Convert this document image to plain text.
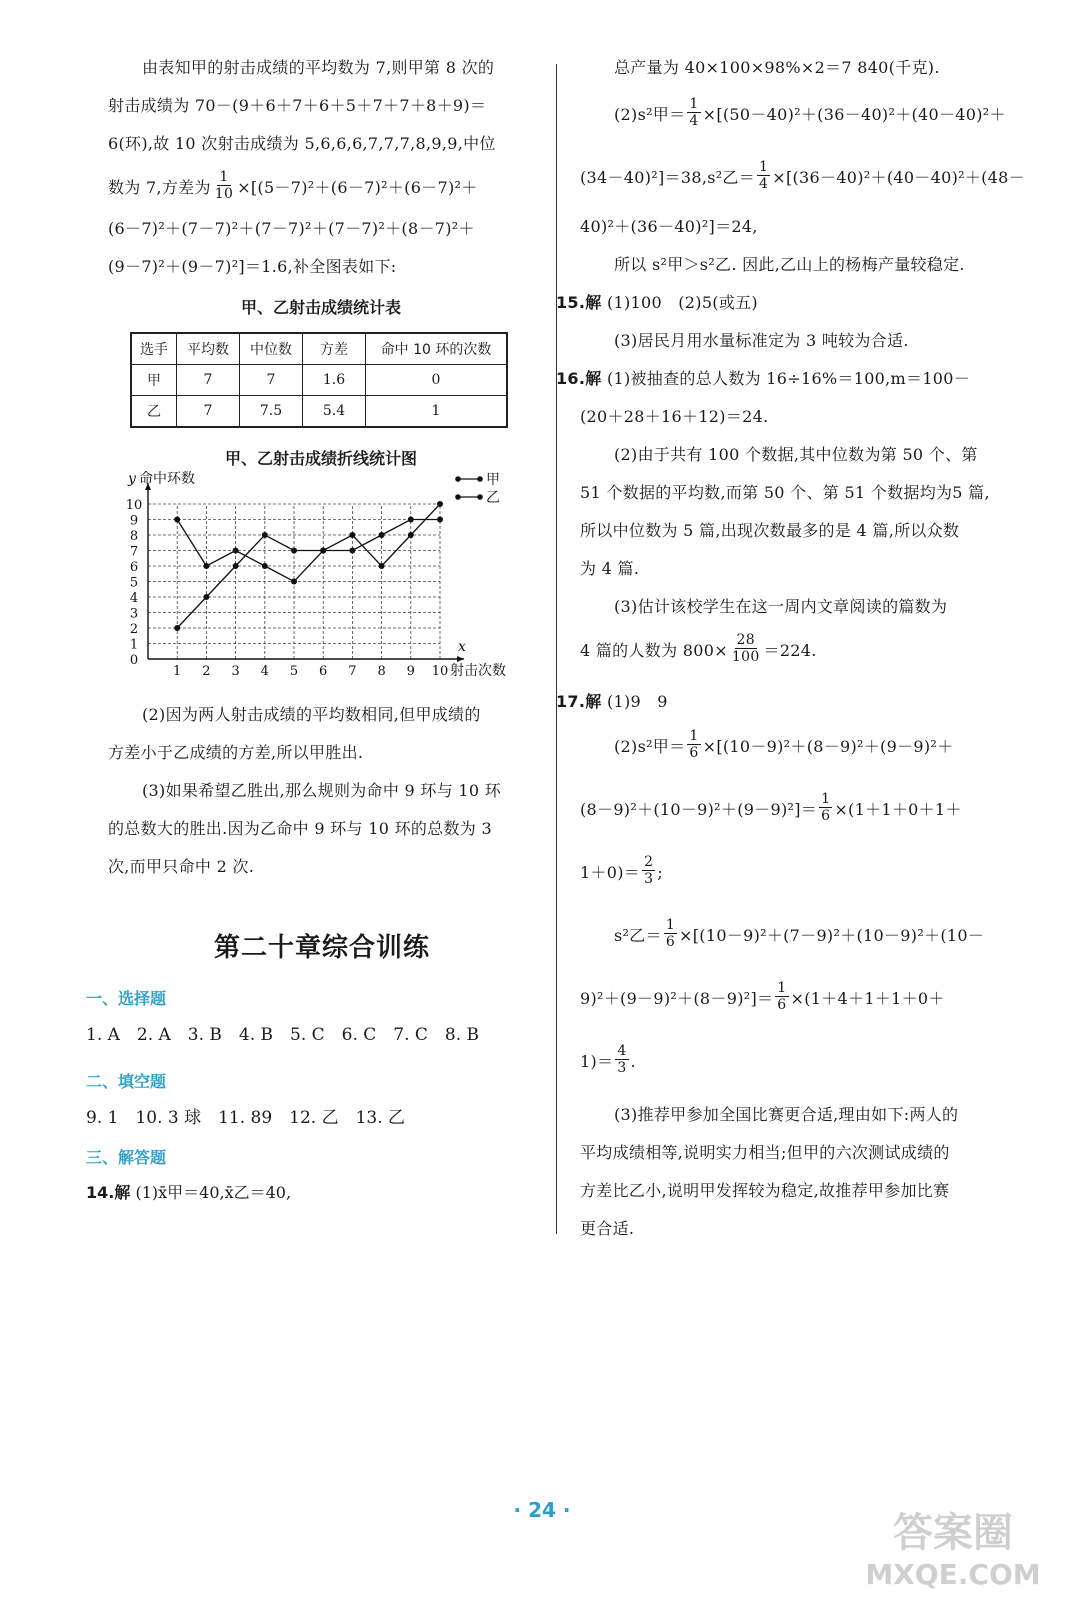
由表知甲的射击成绩的平均数为 7,则甲第 8 次的
射击成绩为 70－(9＋6＋7＋6＋5＋7＋7＋8＋9)＝
6(环),故 10 次射击成绩为 5,6,6,6,7,7,7,8,9,9,中位
数为 7,方差为 $\frac{1}{10} \times[(5-7)^2+(6-7)^2+(6-7)^2+$
(6－7)²＋(7－7)²＋(7－7)²＋(7－7)²＋(8－7)²＋
(9－7)²＋(9－7)²]＝1.6,补全图表如下:
甲、乙射击成绩统计表
选手	平均数	中位数	方差	命中 10 环的次数
甲	7	7	1.6	0
乙	7	7.5	5.4	1
甲、乙射击成绩折线统计图
1 2 3 4 5 6 7 8 9 10
1
2
3
4
5
6
7
8
9
10
0
y 命中环数
x
射击次数
甲
乙
(2)因为两人射击成绩的平均数相同,但甲成绩的
方差小于乙成绩的方差,所以甲胜出.
(3)如果希望乙胜出,那么规则为命中 9 环与 10 环
的总数大的胜出.因为乙命中 9 环与 10 环的总数为 3
次,而甲只命中 2 次.
第二十章综合训练
一、选择题
1. A　2. A　3. B　4. B　5. C　6. C　7. C　8. B
二、填空题
9. 1　10. 3 球　11. 89　12. 乙　13. 乙
三、解答题
14.解 (1)x̄甲＝40,x̄乙＝40,
总产量为 40×100×98%×2＝7 840(千克).
(2)s²甲＝ $\frac{1}{4} \times[(50-40)^2+(36-40)^2+(40-40)^2+$
(34－40)²]＝38,s²乙＝ $\frac{1}{4} \times[(36-40)^2+(40-40)^2+(48-$
40)²＋(36－40)²]＝24,
所以 s²甲＞s²乙. 因此,乙山上的杨梅产量较稳定.
15.解 (1)100　(2)5(或五)
(3)居民月用水量标准定为 3 吨较为合适.
16.解 (1)被抽查的总人数为 16÷16%＝100,m＝100－
(20＋28＋16＋12)＝24.
(2)由于共有 100 个数据,其中位数为第 50 个、第
51 个数据的平均数,而第 50 个、第 51 个数据均为5 篇,
所以中位数为 5 篇,出现次数最多的是 4 篇,所以众数
为 4 篇.
(3)估计该校学生在这一周内文章阅读的篇数为
4 篇的人数为 $800\times \frac{28}{100} =224$.
17.解 (1)9　9
(2)s²甲＝ $\frac{1}{6} \times[(10-9)^2+(8-9)^2+(9-9)^2+$
$(8-9)^2+(10-9)^2+(9-9)^2]= \frac{1}{6} \times(1+1+0+1+$
$1+0)= \frac{2}{3}$ ;
s²乙＝ $\frac{1}{6} \times[(10-9)^2+(7-9)^2+(10-9)^2+(10-$
$9)^2+(9-9)^2+(8-9)^2]= \frac{1}{6} \times(1+4+1+1+0+$
$1)= \frac{4}{3}$ .
(3)推荐甲参加全国比赛更合适,理由如下:两人的
平均成绩相等,说明实力相当;但甲的六次测试成绩的
方差比乙小,说明甲发挥较为稳定,故推荐甲参加比赛
更合适.
· 24 ·	答案圈
MXQE.COM
